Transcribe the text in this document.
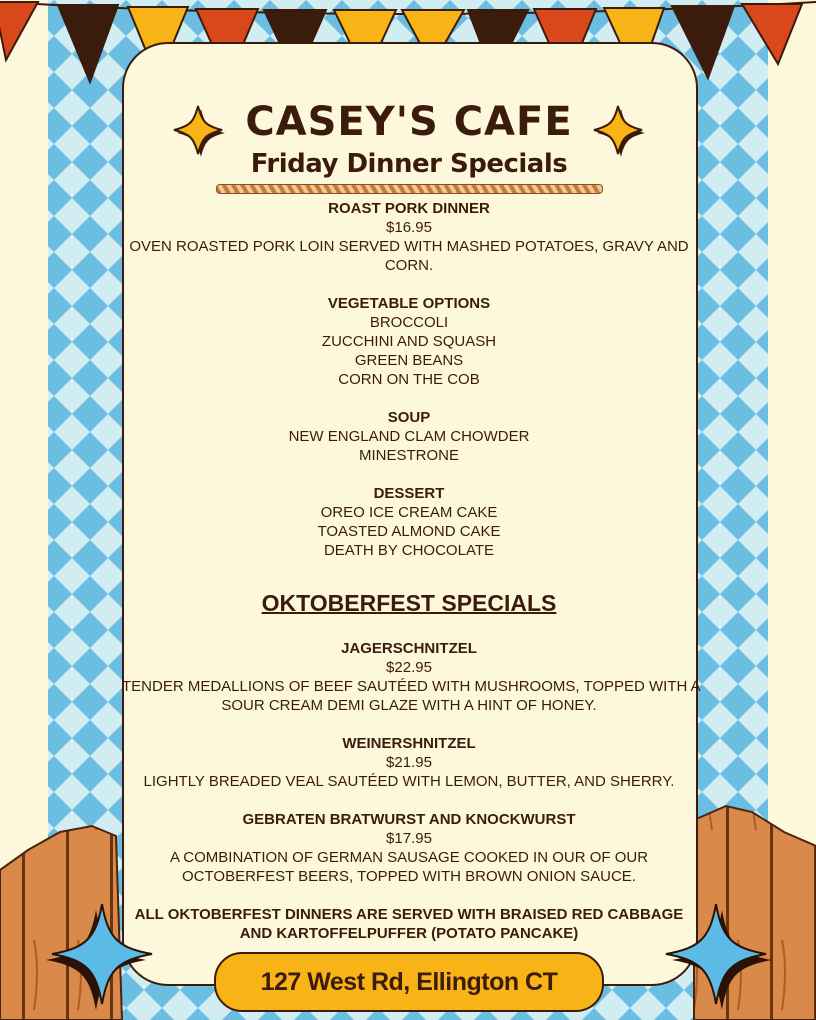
CASEY'S CAFE
Friday Dinner Specials
ROAST PORK DINNER
$16.95
OVEN ROASTED PORK LOIN SERVED WITH MASHED POTATOES, GRAVY AND
CORN.
VEGETABLE OPTIONS
BROCCOLI
ZUCCHINI AND SQUASH
GREEN BEANS
CORN ON THE COB
SOUP
NEW ENGLAND CLAM CHOWDER
MINESTRONE
DESSERT
OREO ICE CREAM CAKE
TOASTED ALMOND CAKE
DEATH BY CHOCOLATE
OKTOBERFEST SPECIALS
JAGERSCHNITZEL
$22.95
TENDER MEDALLIONS OF BEEF SAUTÉED WITH MUSHROOMS, TOPPED WITH A
SOUR CREAM DEMI GLAZE WITH A HINT OF HONEY.
WEINERSHNITZEL
$21.95
LIGHTLY BREADED VEAL SAUTÉED WITH LEMON, BUTTER, AND SHERRY.
GEBRATEN BRATWURST AND KNOCKWURST
$17.95
A COMBINATION OF GERMAN SAUSAGE COOKED IN OUR OF OUR
OCTOBERFEST BEERS, TOPPED WITH BROWN ONION SAUCE.
ALL OKTOBERFEST DINNERS ARE SERVED WITH BRAISED RED CABBAGE
AND KARTOFFELPUFFER (POTATO PANCAKE)
127 West Rd, Ellington CT
